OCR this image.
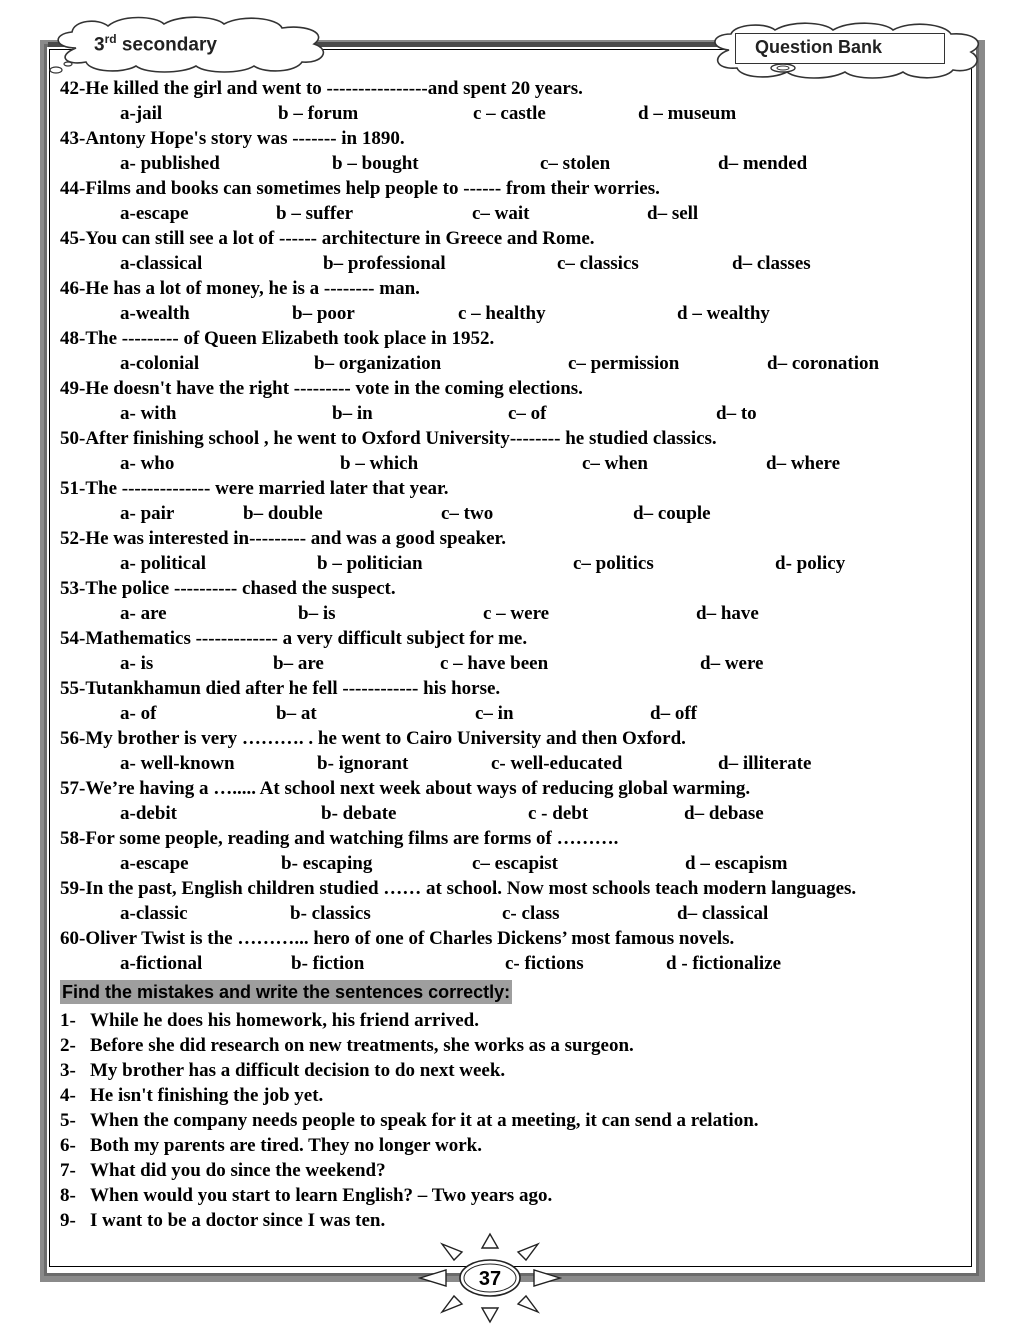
3rd secondary	Question Bank
42-He killed the girl and went to ----------------and spent 20 years.
a-jail	b – forum	c – castle	d – museum
43-Antony Hope's story was ------- in 1890.
a- published	b – bought	c– stolen	d– mended
44-Films and books can sometimes help people to ------ from their worries.
a-escape	b – suffer	c– wait	d– sell
45-You can still see a lot of ------ architecture in Greece and Rome.
a-classical	b– professional	c– classics	d– classes
46-He has a lot of money, he is a -------- man.
a-wealth	b– poor	c – healthy	d – wealthy
48-The --------- of Queen Elizabeth took place in 1952.
a-colonial	b– organization	c– permission	d– coronation
49-He doesn't have the right --------- vote in the coming elections.
a- with	b– in	c– of	d– to
50-After finishing school , he went to Oxford University-------- he studied classics.
a- who	b – which	c– when	d– where
51-The -------------- were married later that year.
a- pair	b– double	c– two	d– couple
52-He was interested in--------- and was a good speaker.
a- political	b – politician	c– politics	d- policy
53-The police ---------- chased the suspect.
a- are	b– is	c – were	d– have
54-Mathematics ------------- a very difficult subject for me.
a- is	b– are	c – have been	d– were
55-Tutankhamun died after he fell ------------ his horse.
a- of	b– at	c– in	d– off
56-My brother is very ………. . he went to Cairo University and then Oxford.
a- well-known	b- ignorant	c- well-educated	d– illiterate
57-We’re having a …..... At school next week about ways of reducing global warming.
a-debit	b- debate	c - debt	d– debase
58-For some people, reading and watching films are forms of ……….
a-escape	b- escaping	c– escapist	d – escapism
59-In the past, English children studied …… at school. Now most schools teach modern languages.
a-classic	b- classics	c- class	d– classical
60-Oliver Twist is the ………... hero of one of Charles Dickens’ most famous novels.
a-fictional	b- fiction	c- fictions	d - fictionalize
Find the mistakes and write the sentences correctly:
1- While he does his homework, his friend arrived.
2- Before she did research on new treatments, she works as a surgeon.
3- My brother has a difficult decision to do next week.
4- He isn't finishing the job yet.
5- When the company needs people to speak for it at a meeting, it can send a relation.
6- Both my parents are tired. They no longer work.
7- What did you do since the weekend?
8- When would you start to learn English? – Two years ago.
9- I want to be a doctor since I was ten.
37
